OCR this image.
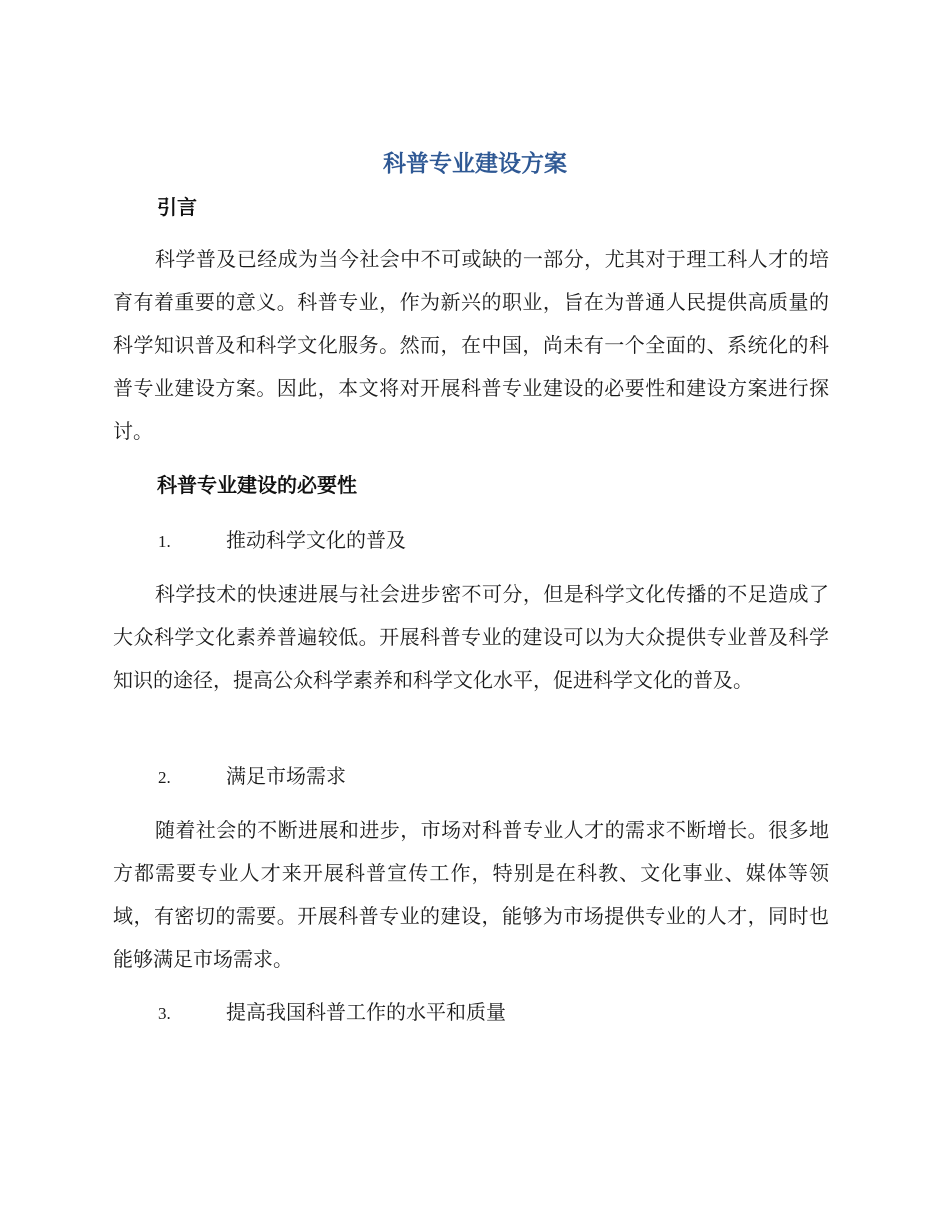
科普专业建设方案
引言

科学普及已经成为当今社会中不可或缺的一部分，尤其对于理工科人才的培育有着重要的意义。科普专业，作为新兴的职业，旨在为普通人民提供高质量的科学知识普及和科学文化服务。然而，在中国，尚未有一个全面的、系统化的科普专业建设方案。因此，本文将对开展科普专业建设的必要性和建设方案进行探讨。

科普专业建设的必要性
1.	推动科学文化的普及

科学技术的快速进展与社会进步密不可分，但是科学文化传播的不足造成了大众科学文化素养普遍较低。开展科普专业的建设可以为大众提供专业普及科学知识的途径，提高公众科学素养和科学文化水平，促进科学文化的普及。

2.	满足市场需求

随着社会的不断进展和进步，市场对科普专业人才的需求不断增长。很多地方都需要专业人才来开展科普宣传工作，特别是在科教、文化事业、媒体等领域，有密切的需要。开展科普专业的建设，能够为市场提供专业的人才，同时也能够满足市场需求。

3.	提高我国科普工作的水平和质量
